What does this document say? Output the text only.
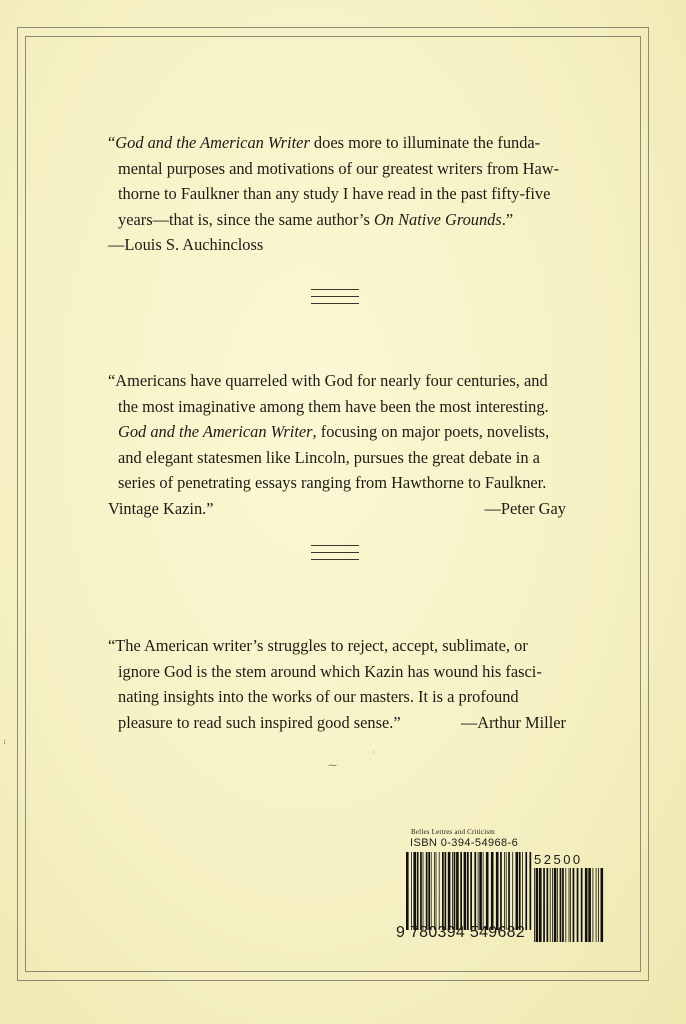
“God and the American Writer does more to illuminate the funda-
mental purposes and motivations of our greatest writers from Haw-
thorne to Faulkner than any study I have read in the past fifty-five
years—that is, since the same author’s On Native Grounds.”

—Louis S. Auchincloss

“Americans have quarreled with God for nearly four centuries, and
the most imaginative among them have been the most interesting.
God and the American Writer, focusing on major poets, novelists,
and elegant statesmen like Lincoln, pursues the great debate in a
series of penetrating essays ranging from Hawthorne to Faulkner.

Vintage Kazin.”	—Peter Gay

“The American writer’s struggles to reject, accept, sublimate, or
ignore God is the stem around which Kazin has wound his fasci-
nating insights into the works of our masters. It is a profound

pleasure to read such inspired good sense.”	—Arthur Miller
⁓
˙
ᛍ
Belles Lettres and Criticism
ISBN 0-394-54968-6
52500
9 780394 549682
